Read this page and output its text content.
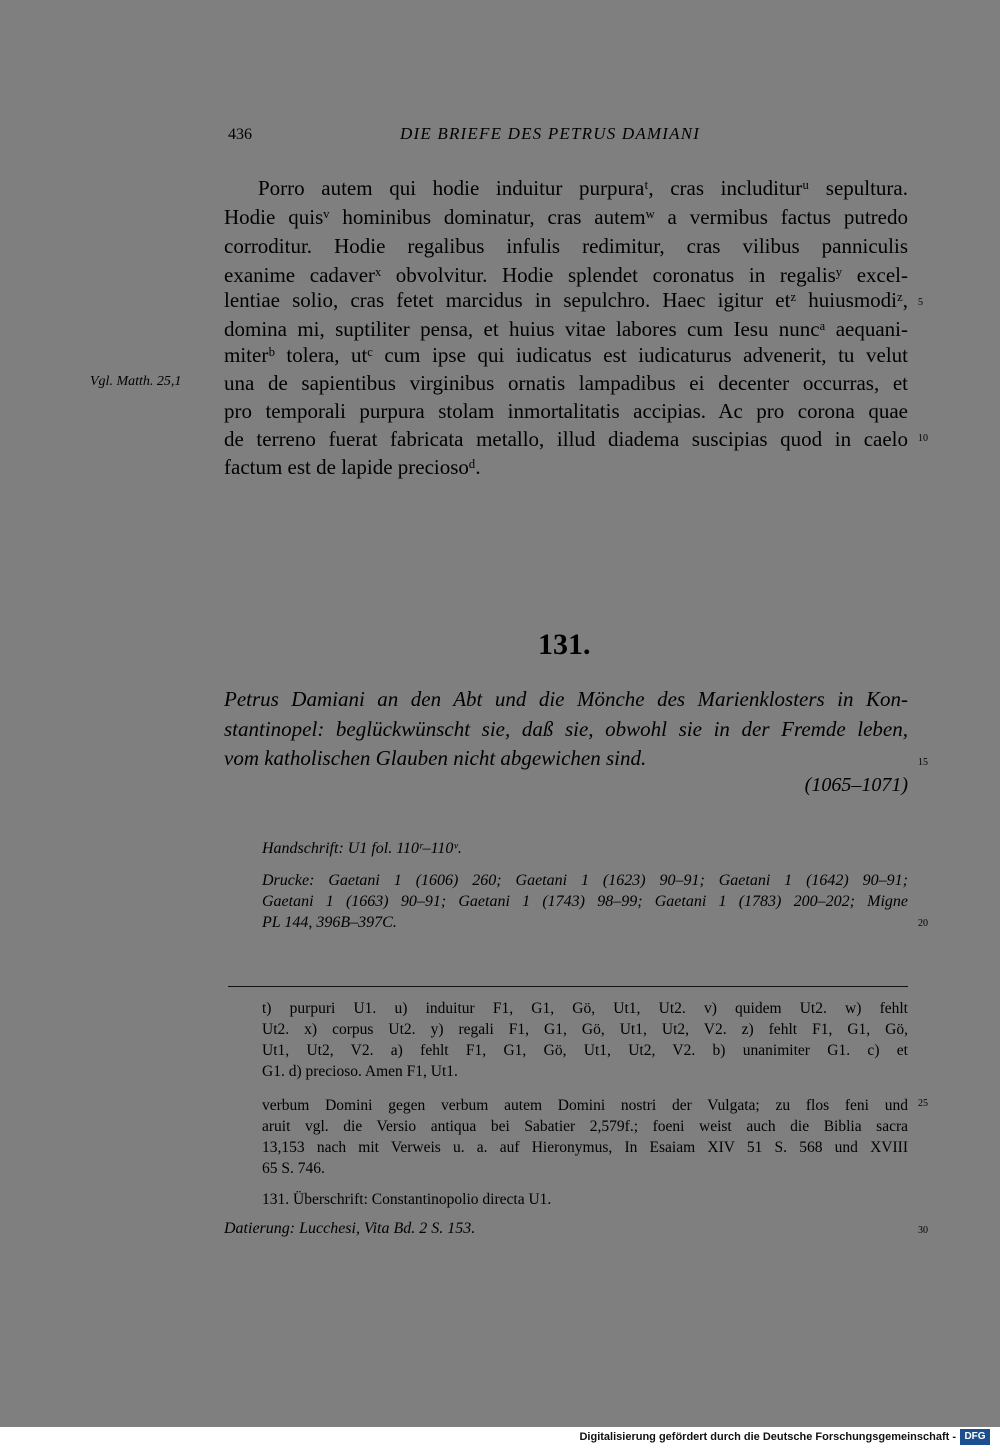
436	DIE BRIEFE DES PETRUS DAMIANI
Porro autem qui hodie induitur purpuraᵗ, cras includiturᵘ sepultura.
Hodie quisᵛ hominibus dominatur, cras autemʷ a vermibus factus putredo
corroditur. Hodie regalibus infulis redimitur, cras vilibus panniculis
exanime cadaverˣ obvolvitur. Hodie splendet coronatus in regalisʸ excel-
lentiae solio, cras fetet marcidus in sepulchro. Haec igitur etᶻ huiusmodiᶻ,
domina mi, suptiliter pensa, et huius vitae labores cum Iesu nuncᵃ aequani-
miterᵇ tolera, utᶜ cum ipse qui iudicatus est iudicaturus advenerit, tu velut
una de sapientibus virginibus ornatis lampadibus ei decenter occurras, et
pro temporali purpura stolam inmortalitatis accipias. Ac pro corona quae
de terreno fuerat fabricata metallo, illud diadema suscipias quod in caelo
factum est de lapide preciosoᵈ.
Vgl. Matth. 25,1
5
10
15
20
25
30
131.
Petrus Damiani an den Abt und die Mönche des Marienklosters in Kon-
stantinopel: beglückwünscht sie, daß sie, obwohl sie in der Fremde leben,
vom katholischen Glauben nicht abgewichen sind.
(1065–1071)
Handschrift: U1 fol. 110ʳ–110ᵛ.
Drucke: Gaetani 1 (1606) 260; Gaetani 1 (1623) 90–91; Gaetani 1 (1642) 90–91;
Gaetani 1 (1663) 90–91; Gaetani 1 (1743) 98–99; Gaetani 1 (1783) 200–202; Migne
PL 144, 396B–397C.
t) purpuri U1. u) induitur F1, G1, Gö, Ut1, Ut2. v) quidem Ut2. w) fehlt
Ut2. x) corpus Ut2. y) regali F1, G1, Gö, Ut1, Ut2, V2. z) fehlt F1, G1, Gö,
Ut1, Ut2, V2. a) fehlt F1, G1, Gö, Ut1, Ut2, V2. b) unanimiter G1. c) et
G1. d) precioso. Amen F1, Ut1.
verbum Domini gegen verbum autem Domini nostri der Vulgata; zu flos feni und
aruit vgl. die Versio antiqua bei Sabatier 2,579f.; foeni weist auch die Biblia sacra
13,153 nach mit Verweis u. a. auf Hieronymus, In Esaiam XIV 51 S. 568 und XVIII
65 S. 746.
131. Überschrift: Constantinopolio directa U1.
Datierung: Lucchesi, Vita Bd. 2 S. 153.
Digitalisierung gefördert durch die Deutsche Forschungsgemeinschaft - DFG
